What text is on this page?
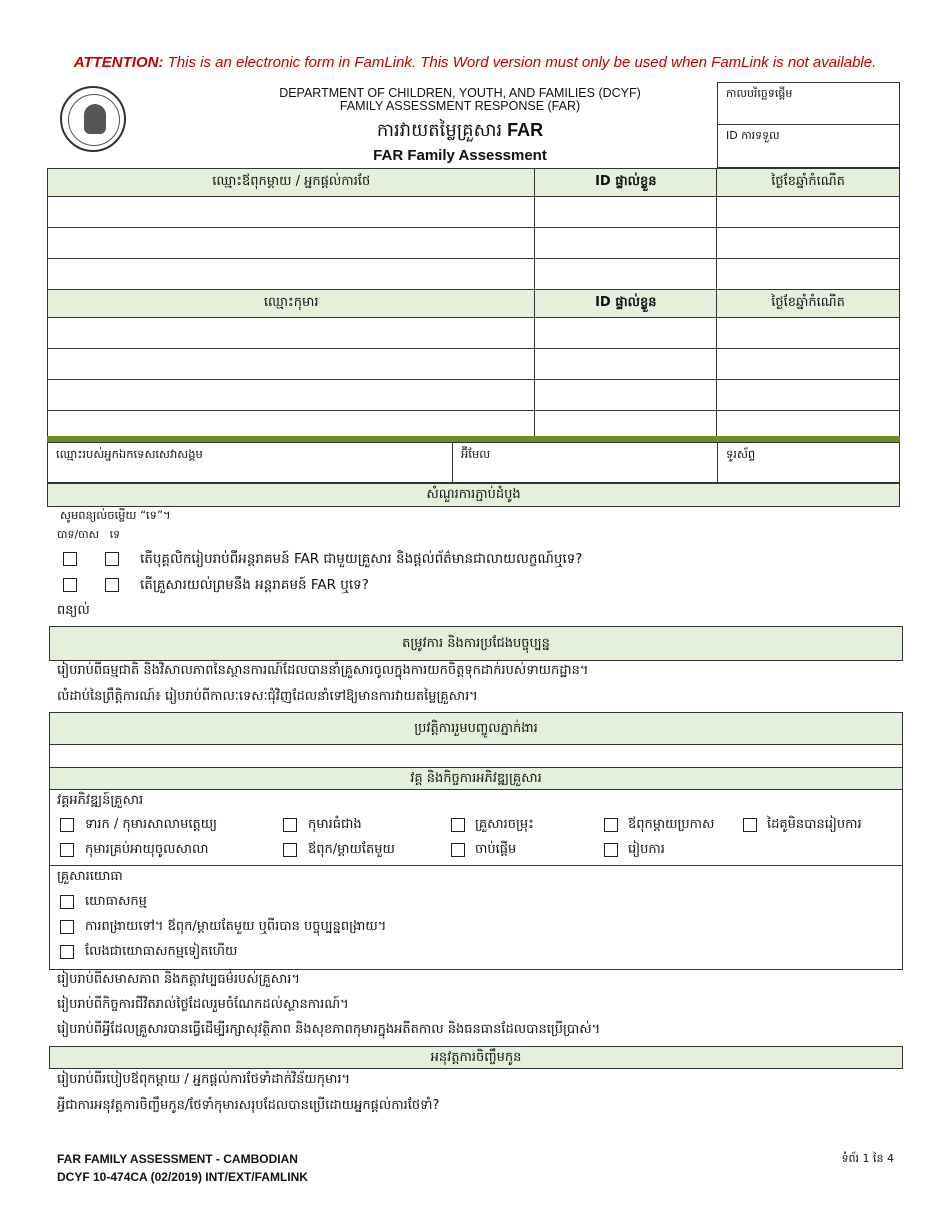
ATTENTION: This is an electronic form in FamLink. This Word version must only be used when FamLink is not available.
DEPARTMENT OF CHILDREN, YOUTH, AND FAMILIES (DCYF)
FAMILY ASSESSMENT RESPONSE (FAR)
ការវាយតម្លៃគ្រួសារ FAR
FAR Family Assessment
កាលបរិច្ឆេទផ្ដើម
ID ការទទួល
ឈ្មោះឪពុកម្ដាយ / អ្នកផ្ដល់ការថែ	ID ផ្ទាល់ខ្លួន	ថ្ងៃខែឆ្នាំកំណើត

ឈ្មោះកុមារ	ID ផ្ទាល់ខ្លួន	ថ្ងៃខែឆ្នាំកំណើត

ឈ្មោះរបស់អ្នកឯកទេសសេវាសង្គម	អ៊ីមែល	ទូរស័ព្ទ
សំណួរការភ្ជាប់ដំបូង
សូមពន្យល់ចម្លើយ “ទេ”។
បាទ/ចាស   ទេ
តើបុគ្គលិករៀបរាប់ពីអន្តរាគមន៍ FAR ជាមួយគ្រួសារ និងផ្ដល់ព័ត៌មានជាលាយលក្ខណ៍ឬទេ?
តើគ្រួសារយល់ព្រមនឹង អន្តរាគមន៍ FAR ឬទេ?
ពន្យល់
តម្រូវការ និងការប្រជែងបច្ចុប្បន្ន
រៀបរាប់ពីធម្មជាតិ និងវិសាលភាពនៃស្ថានការណ៍ដែលបាននាំគ្រួសារចូលក្នុងការយកចិត្តទុកដាក់របស់ទាយកដ្ឋាន។
លំដាប់នៃព្រឹត្តិការណ៍៖ រៀបរាប់ពីកាលៈទេសៈជុំវិញដែលនាំទៅឱ្យមានការវាយតម្លៃគ្រួសារ។
ប្រវត្តិការរួមបញ្ចូលភ្នាក់ងារ
វគ្គ និងកិច្ចការអភិវឌ្ឍគ្រួសារ
វគ្គអភិវឌ្ឍន៍គ្រួសារ
ទារក / កុមារសាលាមត្តេយ្យ	កុមារធំជាង	គ្រួសារចម្រុះ	ឪពុកម្ដាយប្រកាស	ដៃគូមិនបានរៀបការ
កុមារគ្រប់អាយុចូលសាលា	ឪពុក/ម្ដាយតែមួយ	ចាប់ផ្ដើម	រៀបការ
គ្រួសារយោធា
យោធាសកម្ម
ការពង្រាយទៅ។ ឪពុក/ម្ដាយតែមួយ ឬពីរបាន បច្ចុប្បន្នពង្រាយ។
លែងជាយោធាសកម្មទៀតហើយ
រៀបរាប់ពីសមាសភាព និងកត្តាវប្បធម៌របស់គ្រួសារ។
រៀបរាប់ពីកិច្ចការជីវិតរាល់ថ្ងៃដែលរួមចំណែកដល់ស្ថានការណ៍។
រៀបរាប់ពីអ្វីដែលគ្រួសារបានធ្វើដើម្បីរក្សាសុវត្ថិភាព និងសុខភាពកុមារក្នុងអតីតកាល និងធនធានដែលបានប្រើប្រាស់។
អនុវត្តការចិញ្ចឹមកូន
រៀបរាប់ពីរបៀបឪពុកម្ដាយ / អ្នកផ្ដល់ការថែទាំដាក់វិន័យកុមារ។
អ្វីជាការអនុវត្តការចិញ្ចឹមកូន/ថែទាំកុមារសរុបដែលបានប្រើដោយអ្នកផ្ដល់ការថែទាំ?
FAR FAMILY ASSESSMENT - CAMBODIAN
DCYF 10-474CA (02/2019) INT/EXT/FAMLINK
ទំព័រ 1 នៃ 4
